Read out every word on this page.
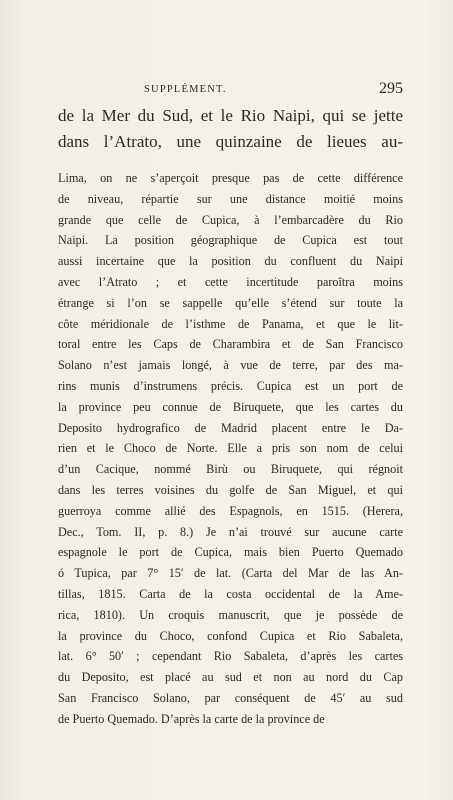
SUPPLÉMENT.	295
de la Mer du Sud, et le Rio Naipi, qui se jette
dans l’Atrato, une quinzaine de lieues au-
Lima, on ne s’aperçoit presque pas de cette différence
de niveau, répartie sur une distance moitié moins
grande que celle de Cupica, à l’embarcadère du Rio
Naipi. La position géographique de Cupica est tout
aussi incertaine que la position du confluent du Naipi
avec l’Atrato ; et cette incertitude paroîtra moins
étrange si l’on se sappelle qu’elle s’étend sur toute la
côte méridionale de l’isthme de Panama, et que le lit-
toral entre les Caps de Charambira et de San Francisco
Solano n’est jamais longé, à vue de terre, par des ma-
rins munis d’instrumens précis. Cupica est un port de
la province peu connue de Biruquete, que les cartes du
Deposito hydrografico de Madrid placent entre le Da-
rien et le Choco de Norte. Elle a pris son nom de celui
d’un Cacique, nommé Birù ou Biruquete, qui régnoit
dans les terres voisines du golfe de San Miguel, et qui
guerroya comme allié des Espagnols, en 1515. (Herera,
Dec., Tom. II, p. 8.) Je n’ai trouvé sur aucune carte
espagnole le port de Cupica, mais bien Puerto Quemado
ó Tupica, par 7° 15′ de lat. (Carta del Mar de las An-
tillas, 1815. Carta de la costa occidental de la Ame-
rica, 1810). Un croquis manuscrit, que je possède de
la province du Choco, confond Cupica et Rio Sabaleta,
lat. 6° 50′ ; cependant Rio Sabaleta, d’après les cartes
du Deposito, est placé au sud et non au nord du Cap
San Francisco Solano, par conséquent de 45′ au sud
de Puerto Quemado. D’après la carte de la province de
